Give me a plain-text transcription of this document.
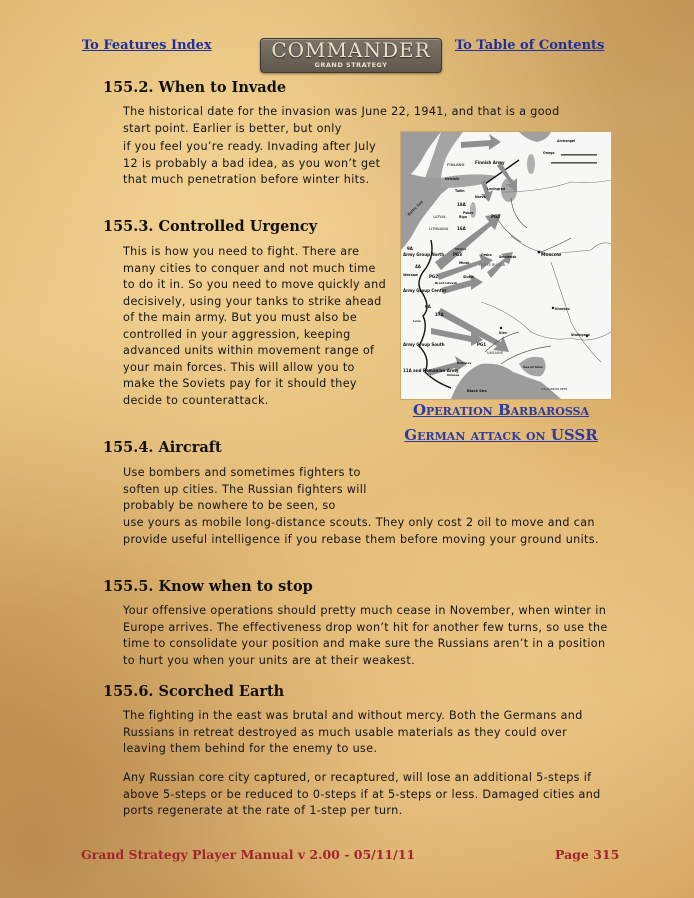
To Features Index	COMMANDER
GRAND STRATEGY
To Table of Contents
155.2. When to Invade

The historical date for the invasion was June 22, 1941, and that is a good

start point. Earlier is better, but only

if you feel you’re ready. Invading after July 12 is probably a bad idea, as you won’t get that much penetration before winter hits.

155.3. Controlled Urgency

This is how you need to fight. There are many cities to conquer and not much time to do it in. So you need to move quickly and decisively, using your tanks to strike ahead of the main army. But you must also be controlled in your aggression, keeping advanced units within movement range of your main forces. This will allow you to make the Soviets pay for it should they decide to counterattack.

FINLAND	Finnish Army
Helsinki
Leningrad
Tallin
Narva
Baltic Sea	18A
LATVIA	Riga
Pskov
PG4
16A
LITHUANIA
9A
Army Group North PG3
Vilnius
Minsk
Orsha Smolensk
WHITE RUSSIA
Moscow
4A
Warsaw	PG2
Brest Litovsk
Slutsk
Army Group Center
6A
17A
Lvov
Kiev
Kharkov
Army Group South	PG1
UKRAINE
11A and Romanian Army
Kishinev
Odessa
Black Sea
Sea of Azov
Stalingrad
Archangel
Onega
CAUCASUS MTS
Operation Barbarossa
German attack on USSR
155.4. Aircraft

Use bombers and sometimes fighters to soften up cities. The Russian fighters will probably be nowhere to be seen, so

use yours as mobile long-distance scouts. They only cost 2 oil to move and can provide useful intelligence if you rebase them before moving your ground units.

155.5. Know when to stop

Your offensive operations should pretty much cease in November, when winter in Europe arrives. The effectiveness drop won’t hit for another few turns, so use the time to consolidate your position and make sure the Russians aren’t in a position to hurt you when your units are at their weakest.

155.6. Scorched Earth

The fighting in the east was brutal and without mercy. Both the Germans and Russians in retreat destroyed as much usable materials as they could over leaving them behind for the enemy to use.

Any Russian core city captured, or recaptured, will lose an additional 5-steps if above 5-steps or be reduced to 0-steps if at 5-steps or less. Damaged cities and ports regenerate at the rate of 1-step per turn.

Grand Strategy Player Manual v 2.00 - 05/11/11	Page 315
